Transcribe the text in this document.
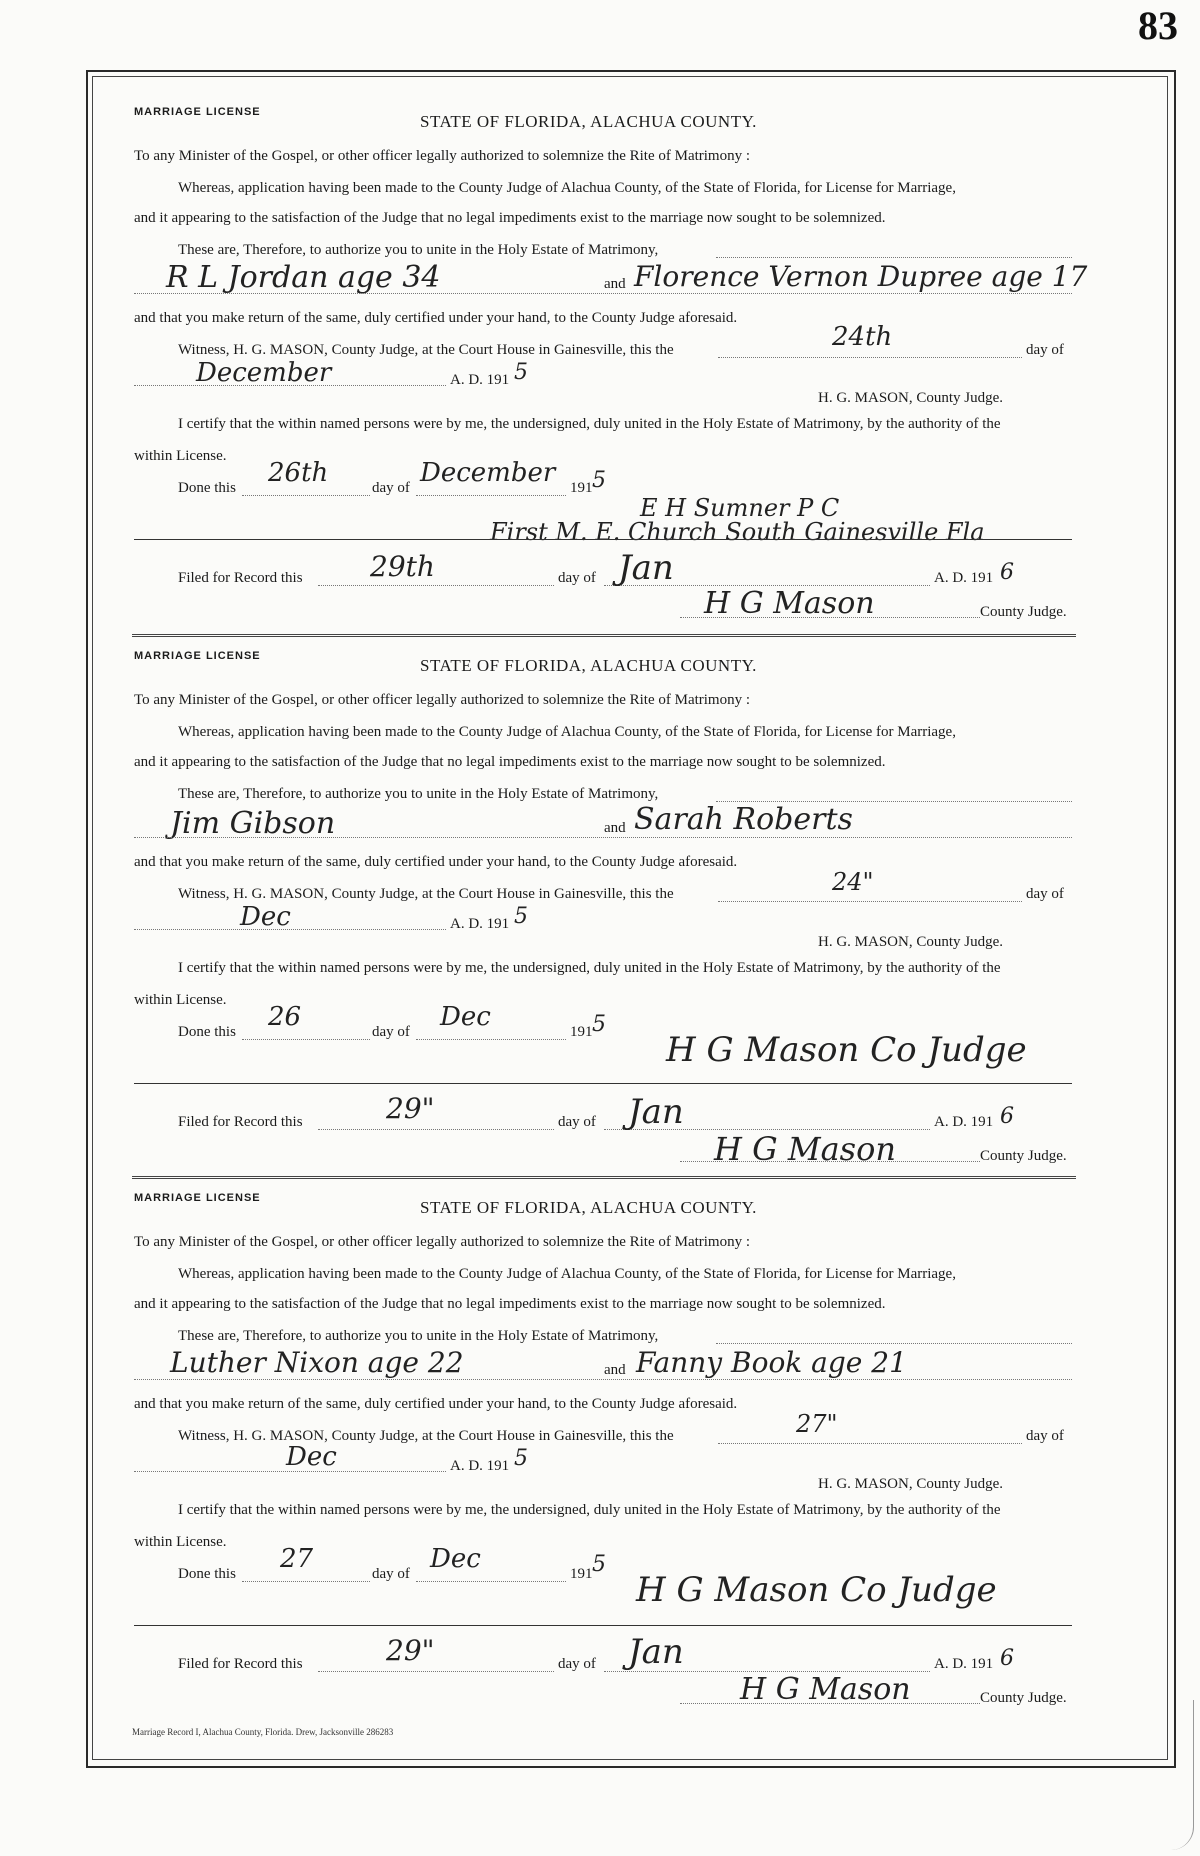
83
MARRIAGE LICENSE	STATE OF FLORIDA, ALACHUA COUNTY.
To any Minister of the Gospel, or other officer legally authorized to solemnize the Rite of Matrimony :
Whereas, application having been made to the County Judge of Alachua County, of the State of Florida, for License for Marriage,
and it appearing to the satisfaction of the Judge that no legal impediments exist to the marriage now sought to be solemnized.
These are, Therefore, to authorize you to unite in the Holy Estate of Matrimony,
R L Jordan age 34	and Florence Vernon Dupree age 17
and that you make return of the same, duly certified under your hand, to the County Judge aforesaid.
Witness, H. G. MASON, County Judge, at the Court House in Gainesville, this the	24th	day of
December	A. D. 191 5
H. G. MASON, County Judge.
I certify that the within named persons were by me, the undersigned, duly united in the Holy Estate of Matrimony, by the authority of the
within License.
Done this 26th	day of December 191 5
E H Sumner P C
First M. E. Church South Gainesville Fla
Filed for Record this 29th	day of Jan	A. D. 191 6
H G Mason	County Judge.
MARRIAGE LICENSE	STATE OF FLORIDA, ALACHUA COUNTY.
To any Minister of the Gospel, or other officer legally authorized to solemnize the Rite of Matrimony :
Whereas, application having been made to the County Judge of Alachua County, of the State of Florida, for License for Marriage,
and it appearing to the satisfaction of the Judge that no legal impediments exist to the marriage now sought to be solemnized.
These are, Therefore, to authorize you to unite in the Holy Estate of Matrimony,
Jim Gibson	and Sarah Roberts
and that you make return of the same, duly certified under your hand, to the County Judge aforesaid.
Witness, H. G. MASON, County Judge, at the Court House in Gainesville, this the	24"	day of
Dec	A. D. 191 5
H. G. MASON, County Judge.
I certify that the within named persons were by me, the undersigned, duly united in the Holy Estate of Matrimony, by the authority of the
within License.
Done this 26	day of Dec	191 5
H G Mason Co Judge
Filed for Record this	29"	day of Jan	A. D. 191 6
H G Mason	County Judge.
MARRIAGE LICENSE	STATE OF FLORIDA, ALACHUA COUNTY.
To any Minister of the Gospel, or other officer legally authorized to solemnize the Rite of Matrimony :
Whereas, application having been made to the County Judge of Alachua County, of the State of Florida, for License for Marriage,
and it appearing to the satisfaction of the Judge that no legal impediments exist to the marriage now sought to be solemnized.
These are, Therefore, to authorize you to unite in the Holy Estate of Matrimony,
Luther Nixon age 22	and Fanny Book age 21
and that you make return of the same, duly certified under your hand, to the County Judge aforesaid.
Witness, H. G. MASON, County Judge, at the Court House in Gainesville, this the	27"	day of
Dec	A. D. 191 5
H. G. MASON, County Judge.
I certify that the within named persons were by me, the undersigned, duly united in the Holy Estate of Matrimony, by the authority of the
within License.
Done this 27	day of Dec	191 5
H G Mason Co Judge
Filed for Record this	29"	day of Jan	A. D. 191 6
H G Mason	County Judge.
Marriage Record I, Alachua County, Florida. Drew, Jacksonville 286283
